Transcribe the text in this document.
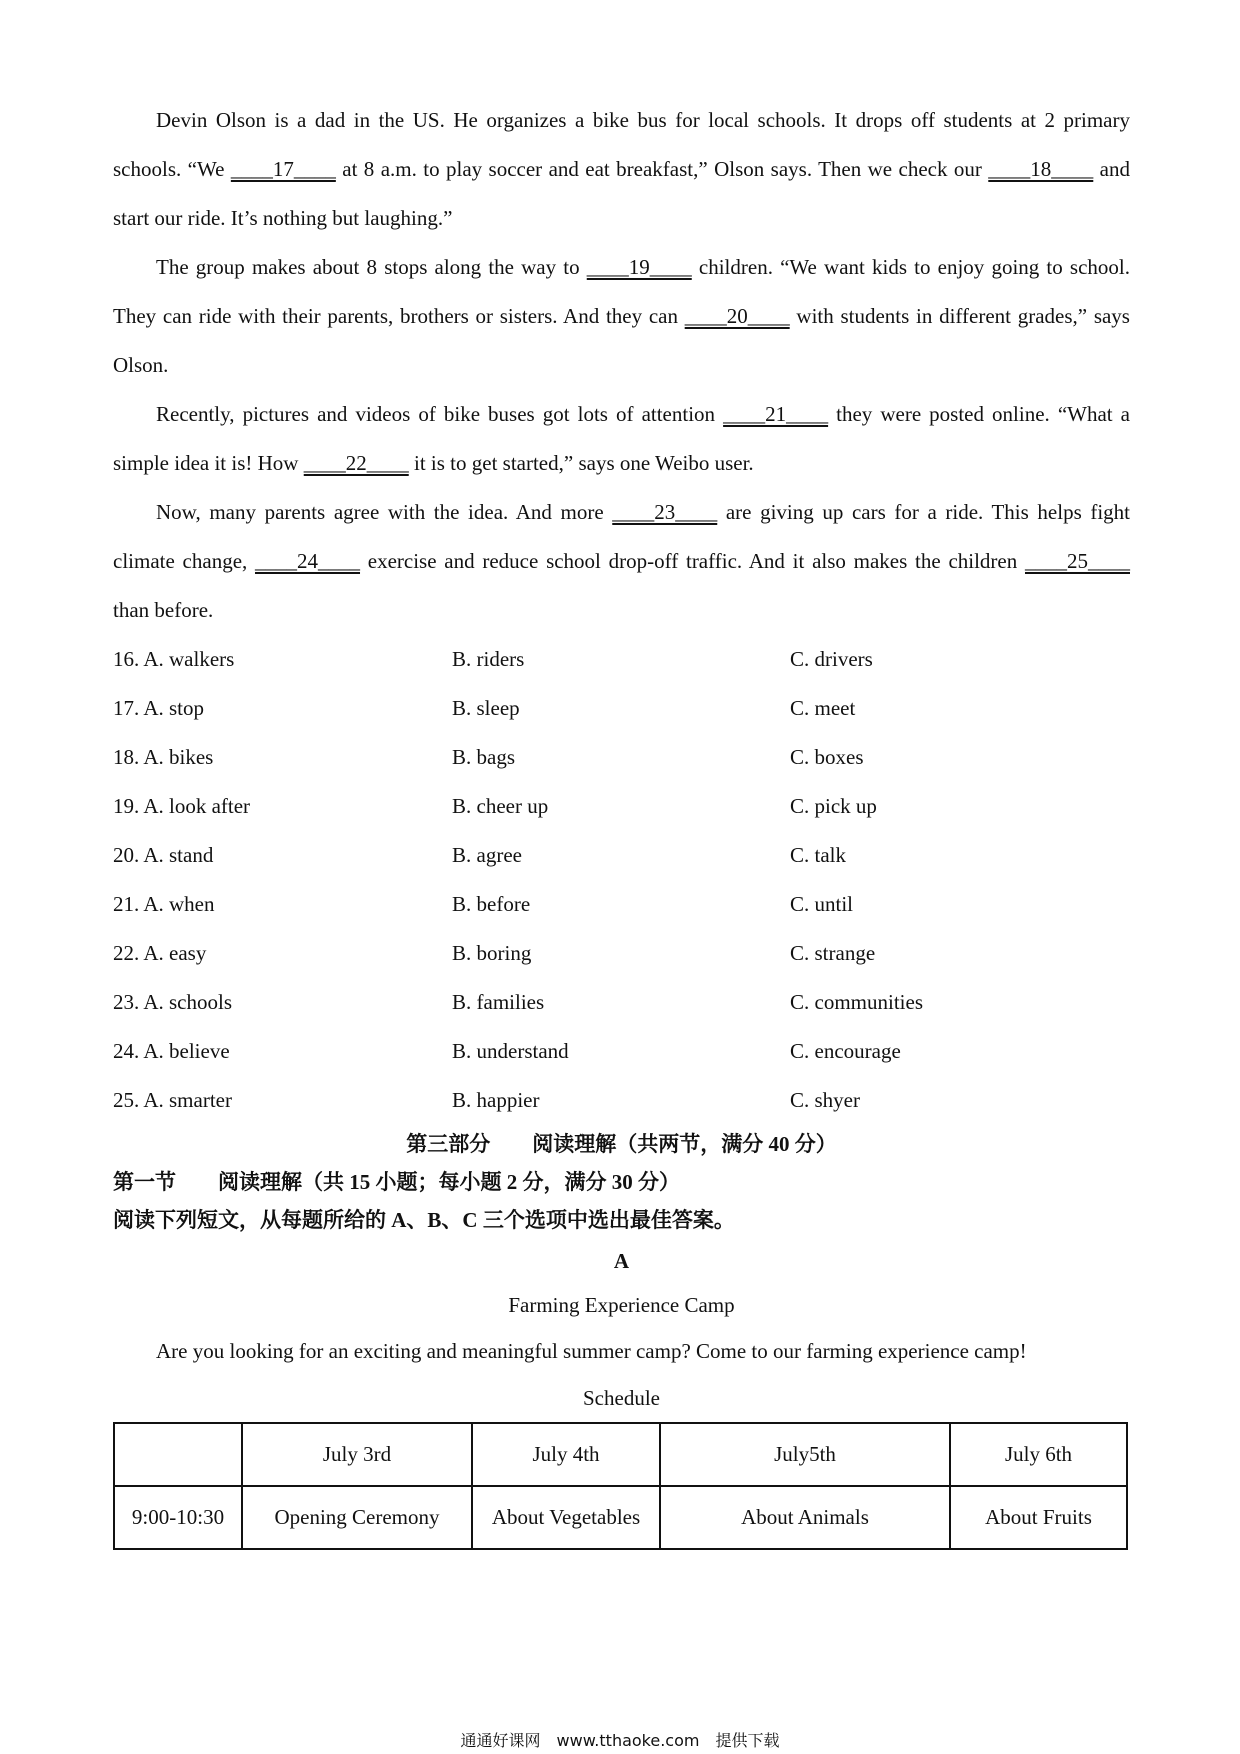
Devin Olson is a dad in the US. He organizes a bike bus for local schools. It drops off students at 2 primary schools. “We ____17____ at 8 a.m. to play soccer and eat breakfast,” Olson says. Then we check our ____18____ and start our ride. It’s nothing but laughing.”

The group makes about 8 stops along the way to ____19____ children. “We want kids to enjoy going to school. They can ride with their parents, brothers or sisters. And they can ____20____ with students in different grades,” says Olson.

Recently, pictures and videos of bike buses got lots of attention ____21____ they were posted online. “What a simple idea it is! How ____22____ it is to get started,” says one Weibo user.

Now, many parents agree with the idea. And more ____23____ are giving up cars for a ride. This helps fight climate change, ____24____ exercise and reduce school drop-off traffic. And it also makes the children ____25____ than before.

16. A. walkers	B. riders	C. drivers
17. A. stop	B. sleep	C. meet
18. A. bikes	B. bags	C. boxes
19. A. look after	B. cheer up	C. pick up
20. A. stand	B. agree	C. talk
21. A. when	B. before	C. until
22. A. easy	B. boring	C. strange
23. A. schools	B. families	C. communities
24. A. believe	B. understand	C. encourage
25. A. smarter	B. happier	C. shyer
第三部分　　阅读理解（共两节，满分 40 分）
第一节　　阅读理解（共 15 小题；每小题 2 分，满分 30 分）
阅读下列短文，从每题所给的 A、B、C 三个选项中选出最佳答案。
A
Farming Experience Camp
Are you looking for an exciting and meaningful summer camp? Come to our farming experience camp!
Schedule
	July 3rd	July 4th	July5th	July 6th
9:00-10:30	Opening Ceremony	About Vegetables	About Animals	About Fruits
通通好课网　www.tthaoke.com　提供下载
